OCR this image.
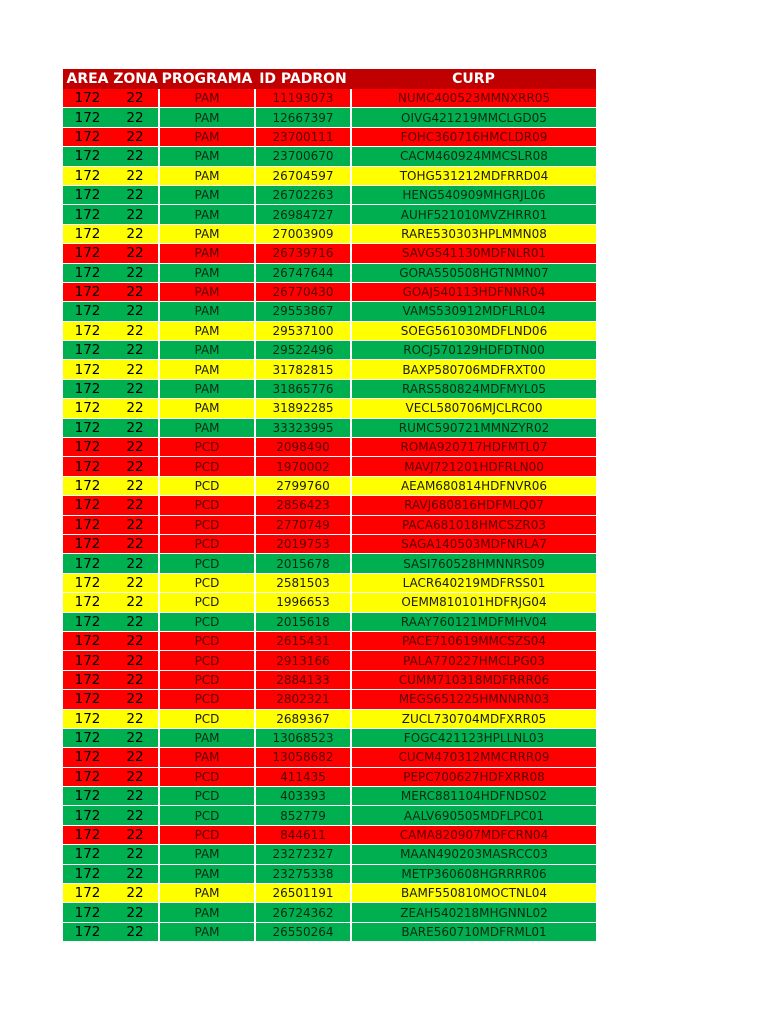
AREA	ZONA	PROGRAMA	ID PADRON	CURP
172	22	PAM	11193073	NUMC400523MMNXRR05
172	22	PAM	12667397	OIVG421219MMCLGD05
172	22	PAM	23700111	FOHC360716HMCLDR09
172	22	PAM	23700670	CACM460924MMCSLR08
172	22	PAM	26704597	TOHG531212MDFRRD04
172	22	PAM	26702263	HENG540909MHGRJL06
172	22	PAM	26984727	AUHF521010MVZHRR01
172	22	PAM	27003909	RARE530303HPLMMN08
172	22	PAM	26739716	SAVG541130MDFNLR01
172	22	PAM	26747644	GORA550508HGTNMN07
172	22	PAM	26770430	GOAJ540113HDFNNR04
172	22	PAM	29553867	VAMS530912MDFLRL04
172	22	PAM	29537100	SOEG561030MDFLND06
172	22	PAM	29522496	ROCJ570129HDFDTN00
172	22	PAM	31782815	BAXP580706MDFRXT00
172	22	PAM	31865776	RARS580824MDFMYL05
172	22	PAM	31892285	VECL580706MJCLRC00
172	22	PAM	33323995	RUMC590721MMNZYR02
172	22	PCD	2098490	ROMA920717HDFMTL07
172	22	PCD	1970002	MAVJ721201HDFRLN00
172	22	PCD	2799760	AEAM680814HDFNVR06
172	22	PCD	2856423	RAVJ680816HDFMLQ07
172	22	PCD	2770749	PACA681018HMCSZR03
172	22	PCD	2019753	SAGA140503MDFNRLA7
172	22	PCD	2015678	SASI760528HMNNRS09
172	22	PCD	2581503	LACR640219MDFRSS01
172	22	PCD	1996653	OEMM810101HDFRJG04
172	22	PCD	2015618	RAAY760121MDFMHV04
172	22	PCD	2615431	PACE710619MMCSZS04
172	22	PCD	2913166	PALA770227HMCLPG03
172	22	PCD	2884133	CUMM710318MDFRRR06
172	22	PCD	2802321	MEGS651225HMNNRN03
172	22	PCD	2689367	ZUCL730704MDFXRR05
172	22	PAM	13068523	FOGC421123HPLLNL03
172	22	PAM	13058682	CUCM470312MMCRRR09
172	22	PCD	411435	PEPC700627HDFXRR08
172	22	PCD	403393	MERC881104HDFNDS02
172	22	PCD	852779	AALV690505MDFLPC01
172	22	PCD	844611	CAMA820907MDFCRN04
172	22	PAM	23272327	MAAN490203MASRCC03
172	22	PAM	23275338	METP360608HGRRRR06
172	22	PAM	26501191	BAMF550810MOCTNL04
172	22	PAM	26724362	ZEAH540218MHGNNL02
172	22	PAM	26550264	BARE560710MDFRML01
